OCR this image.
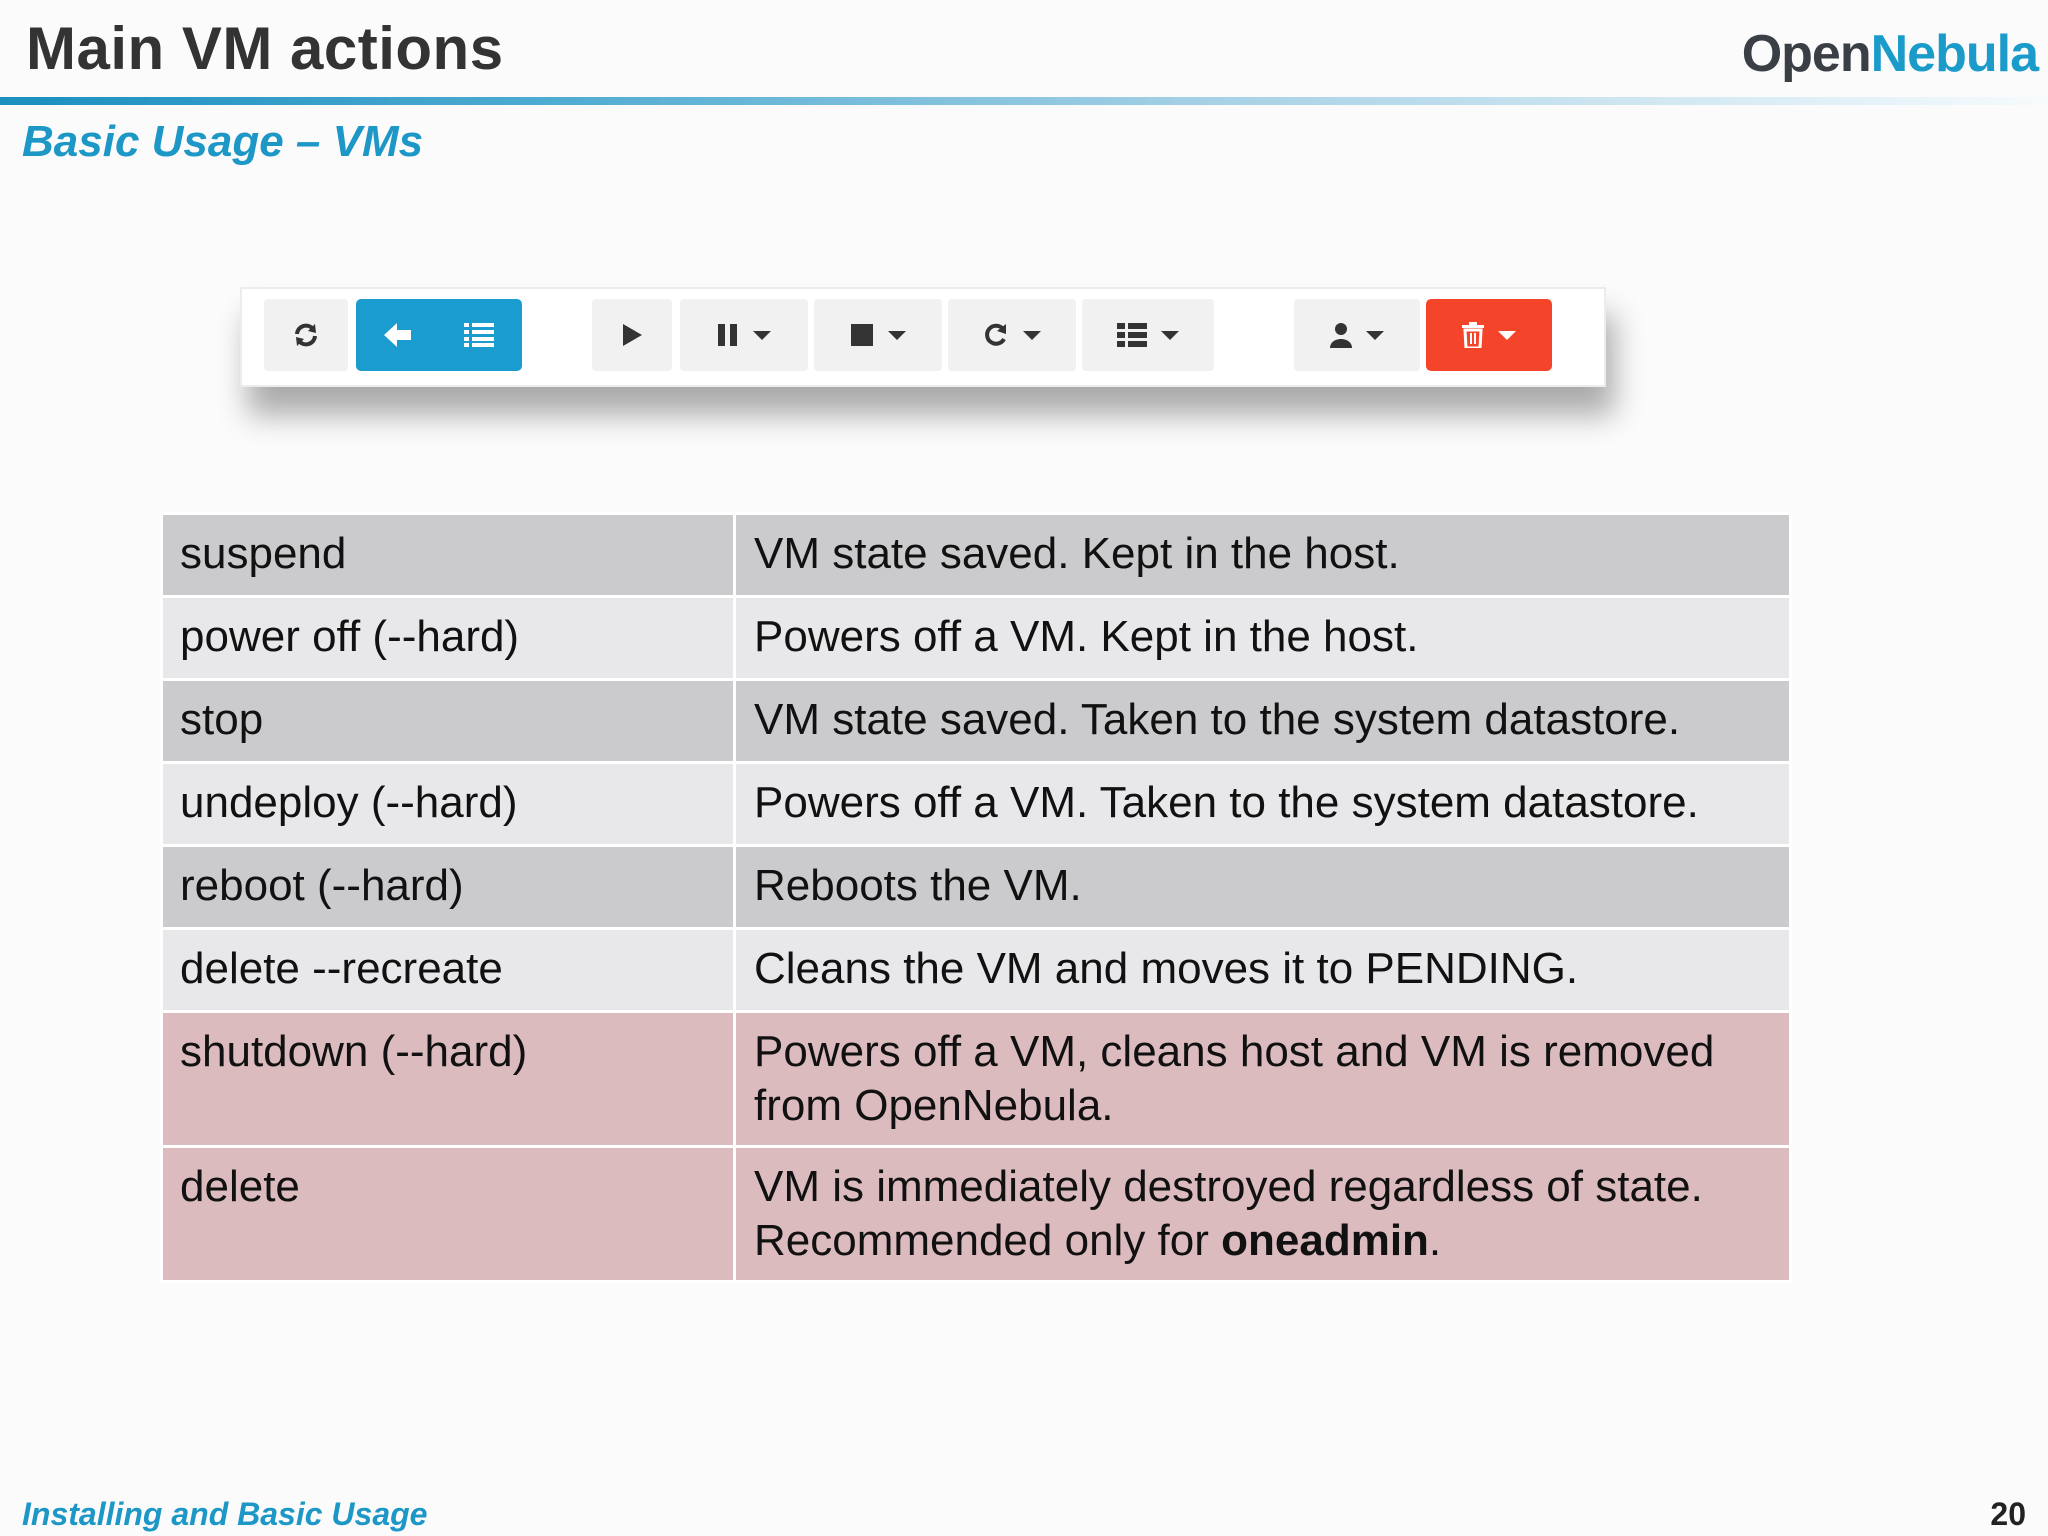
Main VM actions	OpenNebula
Basic Usage – VMs
suspend	VM state saved. Kept in the host.
power off (--hard)	Powers off a VM. Kept in the host.
stop	VM state saved. Taken to the system datastore.
undeploy (--hard)	Powers off a VM. Taken to the system datastore.
reboot (--hard)	Reboots the VM.
delete --recreate	Cleans the VM and moves it to PENDING.
shutdown (--hard)	Powers off a VM, cleans host and VM is removed from OpenNebula.
delete	VM is immediately destroyed regardless of state. Recommended only for oneadmin.
Installing and Basic Usage	20
